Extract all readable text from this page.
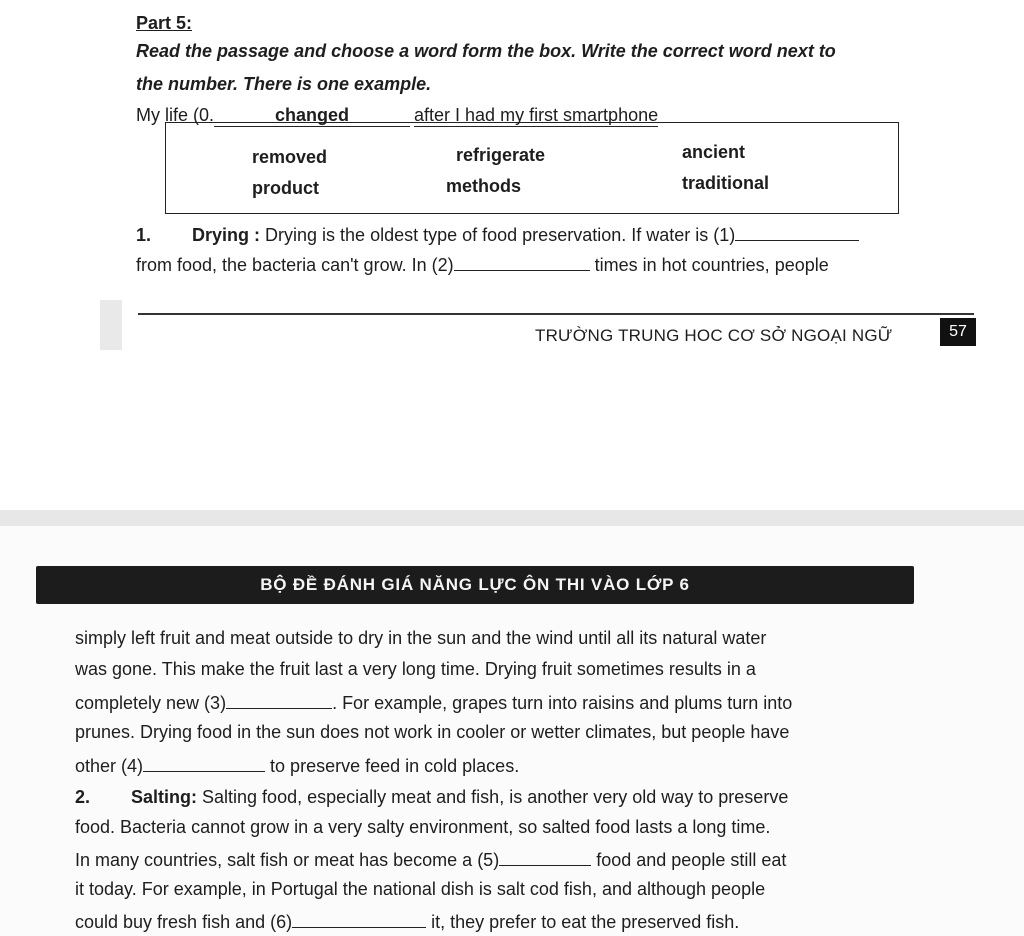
Part 5:
Read the passage and choose a word form the box. Write the correct word next to
the number. There is one example.
My life (0.	changed	after I had my first smartphone
removed	refrigerate	ancient
product	methods	traditional
1. Drying : Drying is the oldest type of food preservation. If water is (1)
from food, the bacteria can't grow. In (2)	times in hot countries, people
TRƯỜNG TRUNG HOC CƠ SỞ NGOẠI NGỮ	57
BỘ ĐỀ ĐÁNH GIÁ NĂNG LỰC ÔN THI VÀO LỚP 6
simply left fruit and meat outside to dry in the sun and the wind until all its natural water
was gone. This make the fruit last a very long time. Drying fruit sometimes results in a
completely new (3)	. For example, grapes turn into raisins and plums turn into
prunes. Drying food in the sun does not work in cooler or wetter climates, but people have
other (4)	to preserve feed in cold places.
2. Salting: Salting food, especially meat and fish, is another very old way to preserve
food. Bacteria cannot grow in a very salty environment, so salted food lasts a long time.
In many countries, salt fish or meat has become a (5)	food and people still eat
it today. For example, in Portugal the national dish is salt cod fish, and although people
could buy fresh fish and (6)	it, they prefer to eat the preserved fish.
